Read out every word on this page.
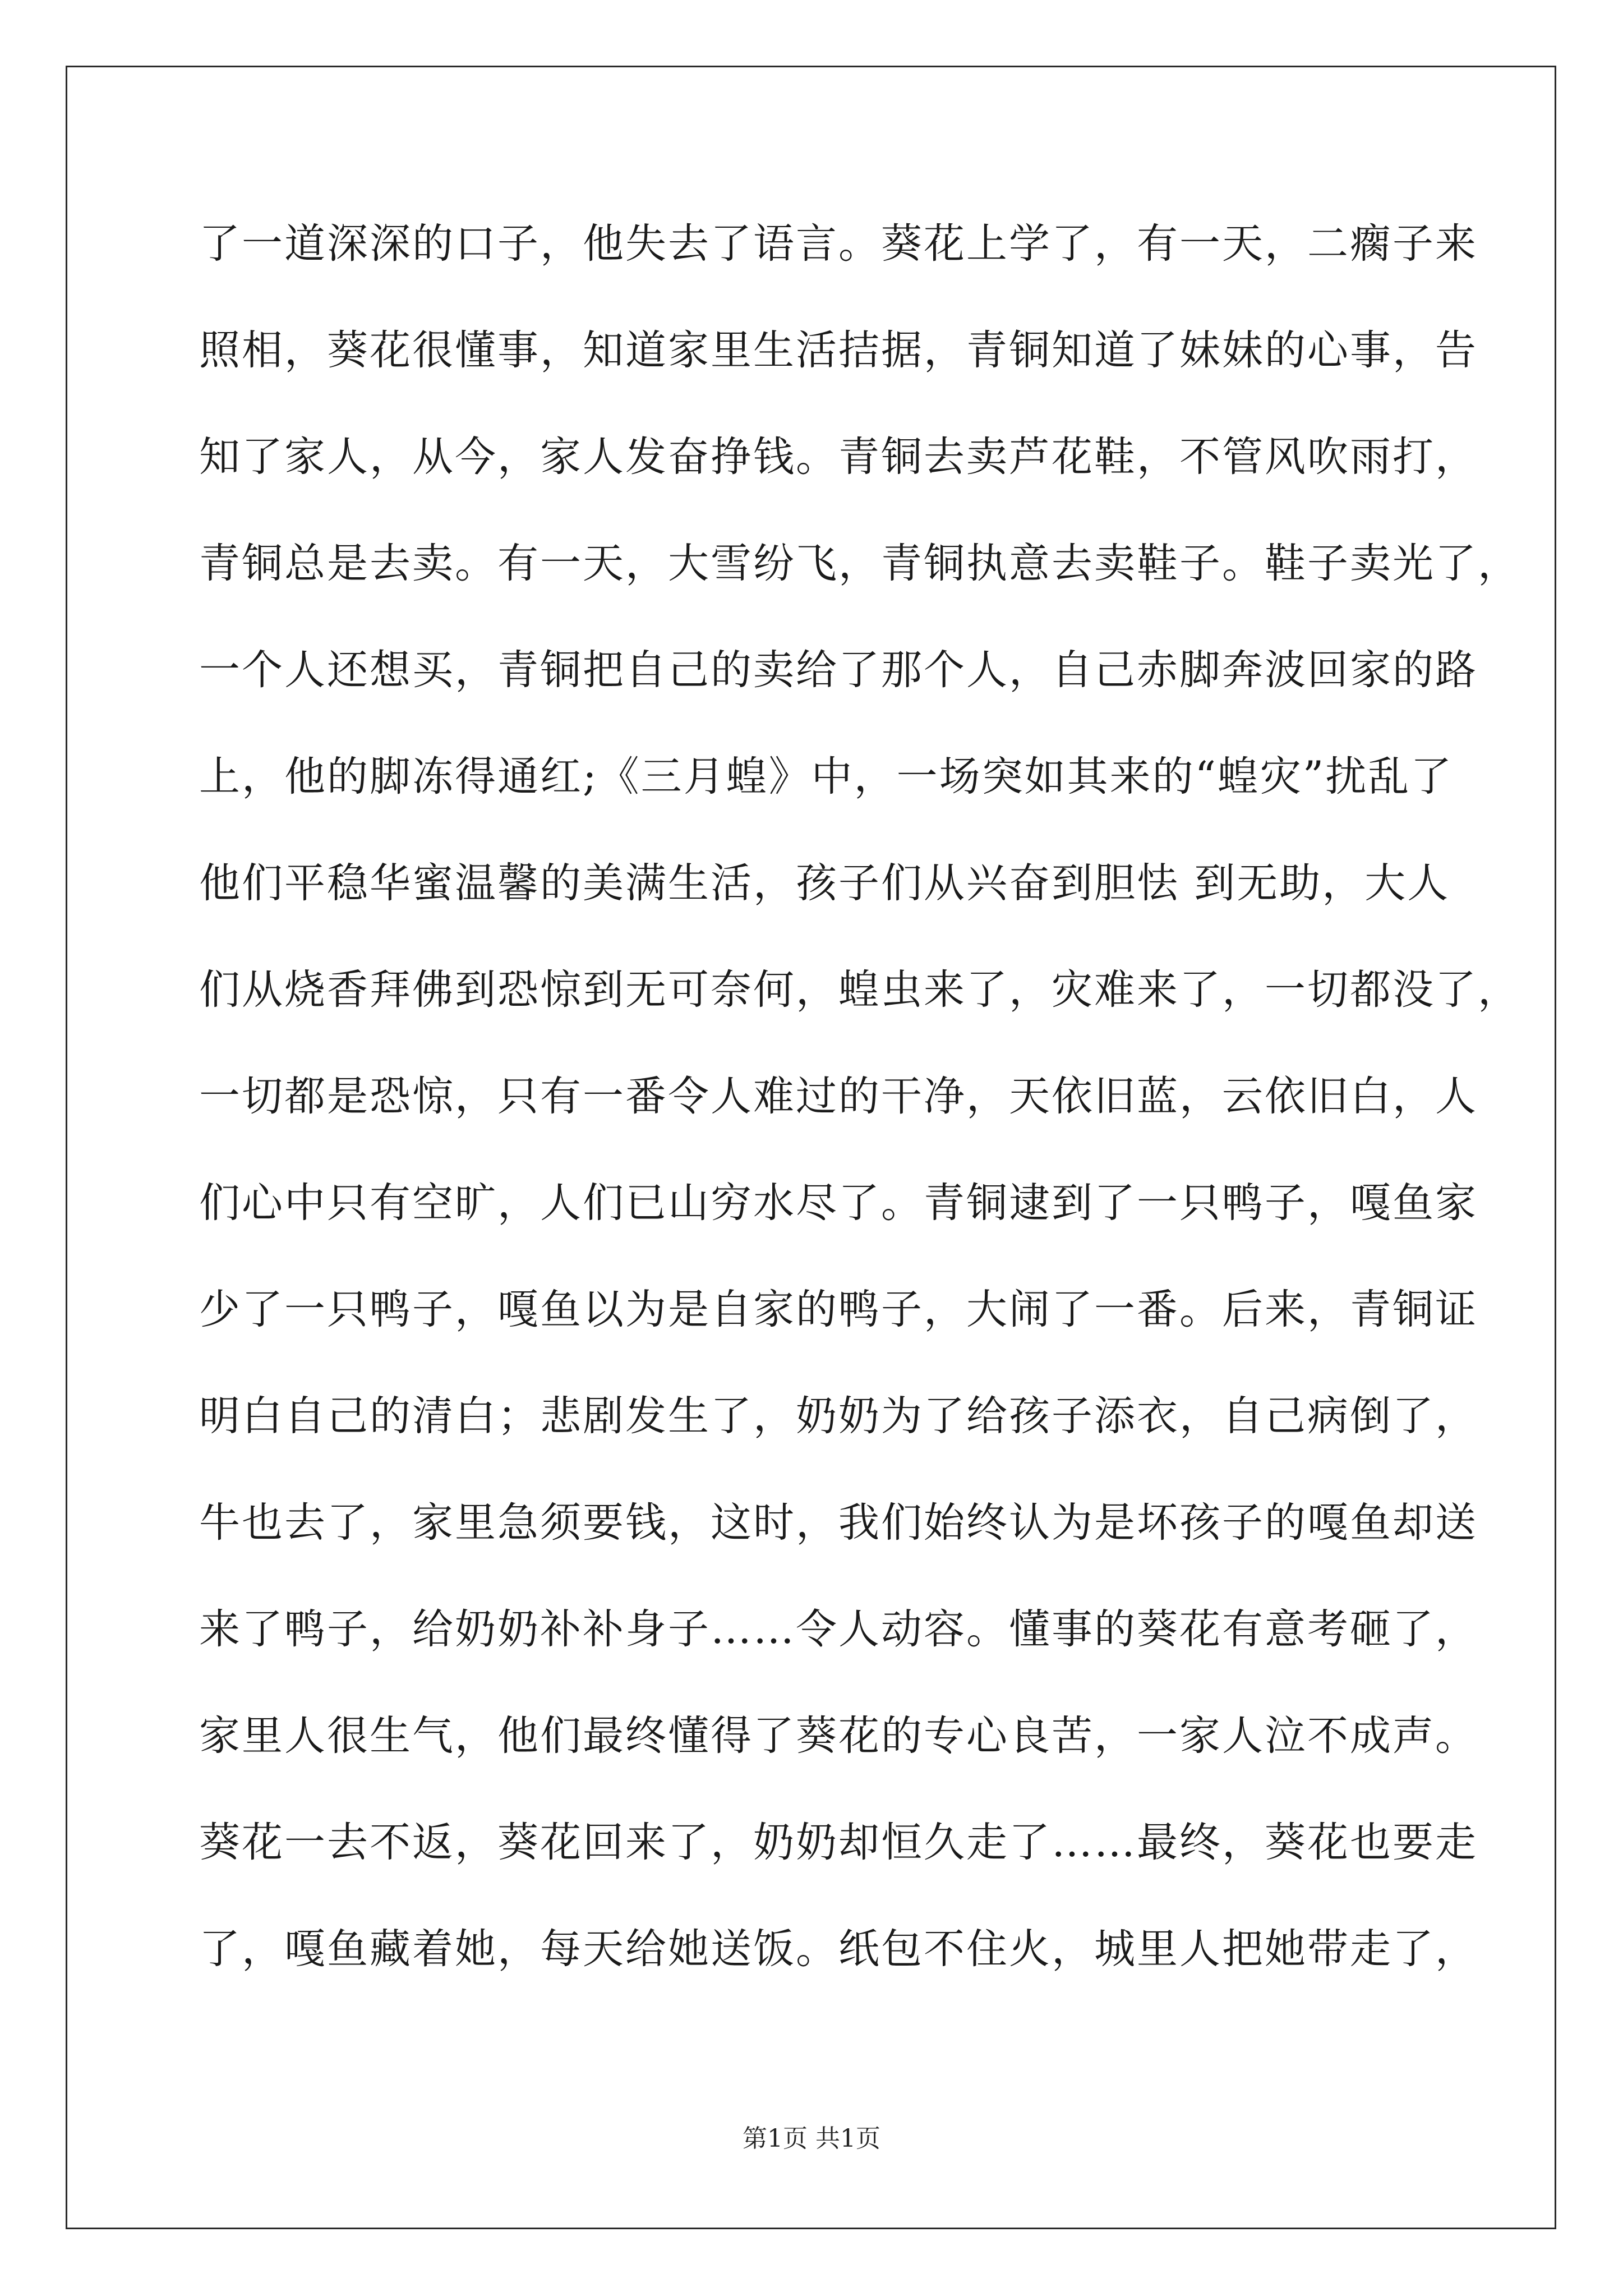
了一道深深的口子，他失去了语言。葵花上学了，有一天，二瘸子来
照相，葵花很懂事，知道家里生活拮据，青铜知道了妹妹的心事，告
知了家人，从今，家人发奋挣钱。青铜去卖芦花鞋，不管风吹雨打，
青铜总是去卖。有一天，大雪纷飞，青铜执意去卖鞋子。鞋子卖光了，
一个人还想买，青铜把自己的卖给了那个人，自己赤脚奔波回家的路
上，他的脚冻得通红;《三月蝗》中，一场突如其来的“蝗灾”扰乱了
他们平稳华蜜温馨的美满生活，孩子们从兴奋到胆怯 到无助，大人
们从烧香拜佛到恐惊到无可奈何，蝗虫来了，灾难来了，一切都没了，
一切都是恐惊，只有一番令人难过的干净，天依旧蓝，云依旧白，人
们心中只有空旷，人们已山穷水尽了。青铜逮到了一只鸭子，嘎鱼家
少了一只鸭子，嘎鱼以为是自家的鸭子，大闹了一番。后来，青铜证
明白自己的清白；悲剧发生了，奶奶为了给孩子添衣，自己病倒了，
牛也去了，家里急须要钱，这时，我们始终认为是坏孩子的嘎鱼却送
来了鸭子，给奶奶补补身子……令人动容。懂事的葵花有意考砸了，
家里人很生气，他们最终懂得了葵花的专心良苦，一家人泣不成声。
葵花一去不返，葵花回来了，奶奶却恒久走了……最终，葵花也要走
了，嘎鱼藏着她，每天给她送饭。纸包不住火，城里人把她带走了，
第1页 共1页
